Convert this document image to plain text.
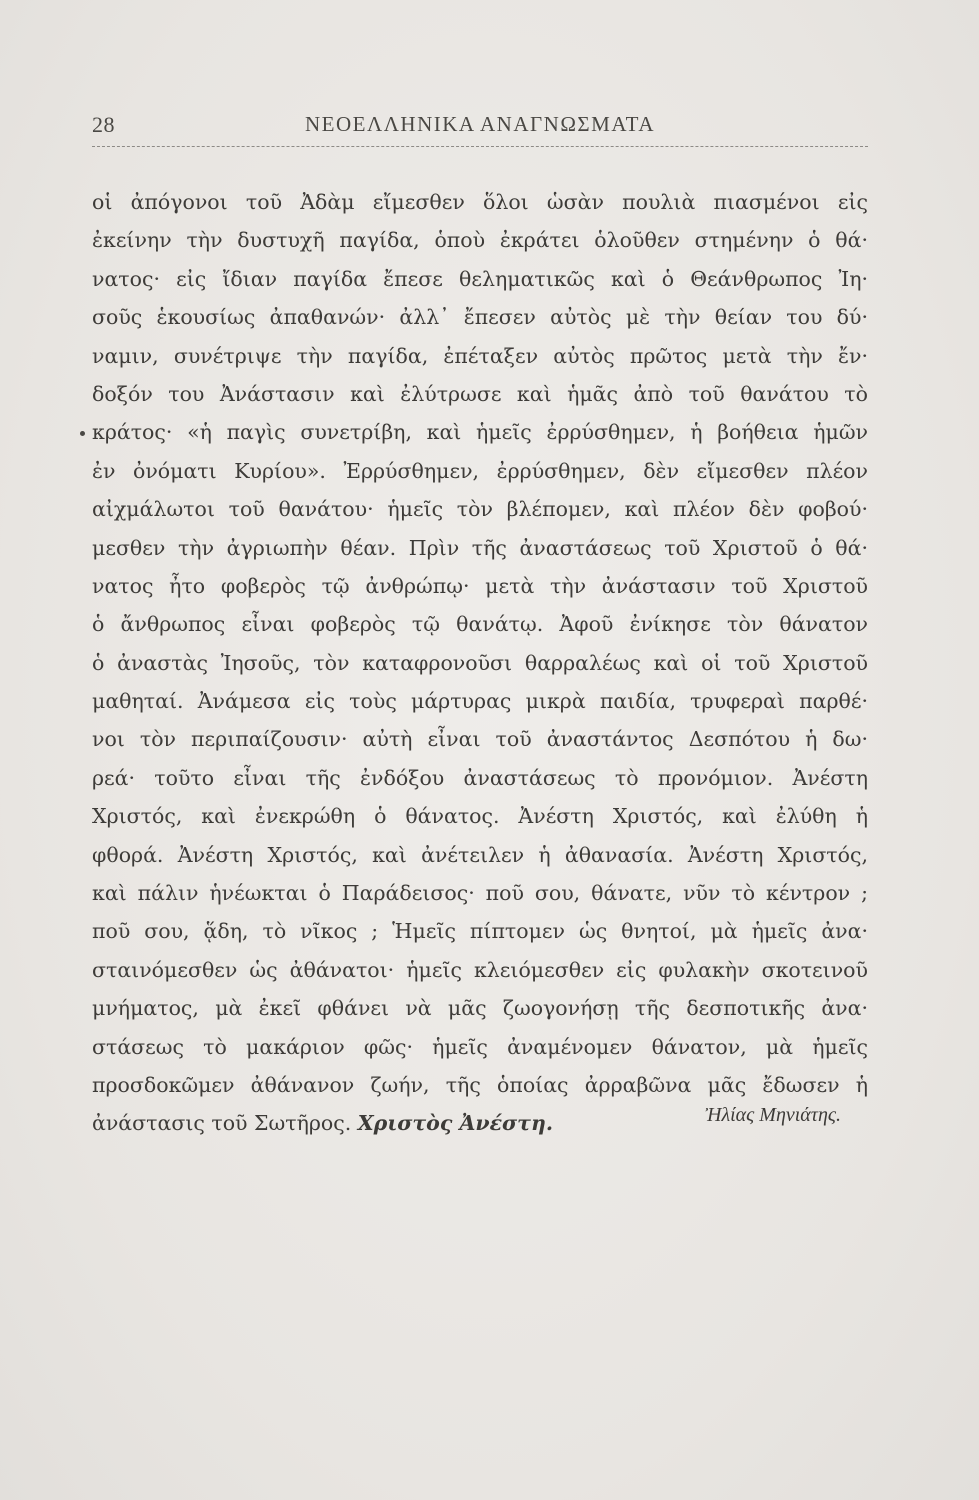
28	ΝΕΟΕΛΛΗΝΙΚΑ ΑΝΑΓΝΩΣΜΑΤΑ
οἱ ἀπόγονοι τοῦ Ἀδὰμ εἴμεσθεν ὅλοι ὡσὰν πουλιὰ πιασμένοι εἰς
ἐκείνην τὴν δυστυχῆ παγίδα, ὁποὺ ἐκράτει ὁλοῦθεν στημένην ὁ θά·
νατος· εἰς ἴδιαν παγίδα ἔπεσε θεληματικῶς καὶ ὁ Θεάνθρωπος Ἰη·
σοῦς ἑκουσίως ἀπαθανών· ἀλλ᾽ ἔπεσεν αὐτὸς μὲ τὴν θείαν του δύ·
ναμιν, συνέτριψε τὴν παγίδα, ἐπέταξεν αὐτὸς πρῶτος μετὰ τὴν ἔν·
δοξόν του Ἀνάστασιν καὶ ἐλύτρωσε καὶ ἡμᾶς ἀπὸ τοῦ θανάτου τὸ
κράτος· «ἡ παγὶς συνετρίβη, καὶ ἡμεῖς ἐρρύσθημεν, ἡ βοήθεια ἡμῶν
ἐν ὀνόματι Κυρίου». Ἐρρύσθημεν, ἐρρύσθημεν, δὲν εἴμεσθεν πλέον
αἰχμάλωτοι τοῦ θανάτου· ἡμεῖς τὸν βλέπομεν, καὶ πλέον δὲν φοβού·
μεσθεν τὴν ἀγριωπὴν θέαν. Πρὶν τῆς ἀναστάσεως τοῦ Χριστοῦ ὁ θά·
νατος ἦτο φοβερὸς τῷ ἀνθρώπῳ· μετὰ τὴν ἀνάστασιν τοῦ Χριστοῦ
ὁ ἄνθρωπος εἶναι φοβερὸς τῷ θανάτῳ. Ἀφοῦ ἐνίκησε τὸν θάνατον
ὁ ἀναστὰς Ἰησοῦς, τὸν καταφρονοῦσι θαρραλέως καὶ οἱ τοῦ Χριστοῦ
μαθηταί. Ἀνάμεσα εἰς τοὺς μάρτυρας μικρὰ παιδία, τρυφεραὶ παρθέ·
νοι τὸν περιπαίζουσιν· αὐτὴ εἶναι τοῦ ἀναστάντος Δεσπότου ἡ δω·
ρεά· τοῦτο εἶναι τῆς ἐνδόξου ἀναστάσεως τὸ προνόμιον. Ἀνέστη
Χριστός, καὶ ἐνεκρώθη ὁ θάνατος. Ἀνέστη Χριστός, καὶ ἐλύθη ἡ
φθορά. Ἀνέστη Χριστός, καὶ ἀνέτειλεν ἡ ἀθανασία. Ἀνέστη Χριστός,
καὶ πάλιν ἡνέωκται ὁ Παράδεισος· ποῦ σου, θάνατε, νῦν τὸ κέντρον ;
ποῦ σου, ᾅδη, τὸ νῖκος ; Ἡμεῖς πίπτομεν ὡς θνητοί, μὰ ἡμεῖς ἀνα·
σταινόμεσθεν ὡς ἀθάνατοι· ἡμεῖς κλειόμεσθεν εἰς φυλακὴν σκοτεινοῦ
μνήματος, μὰ ἐκεῖ φθάνει νὰ μᾶς ζωογονήσῃ τῆς δεσποτικῆς ἀνα·
στάσεως τὸ μακάριον φῶς· ἡμεῖς ἀναμένομεν θάνατον, μὰ ἡμεῖς
προσδοκῶμεν ἀθάνανον ζωήν, τῆς ὁποίας ἀρραβῶνα μᾶς ἔδωσεν ἡ
ἀνάστασις τοῦ Σωτῆρος. Χριστὸς Ἀνέστη.	Ἠλίας Μηνιάτης.
